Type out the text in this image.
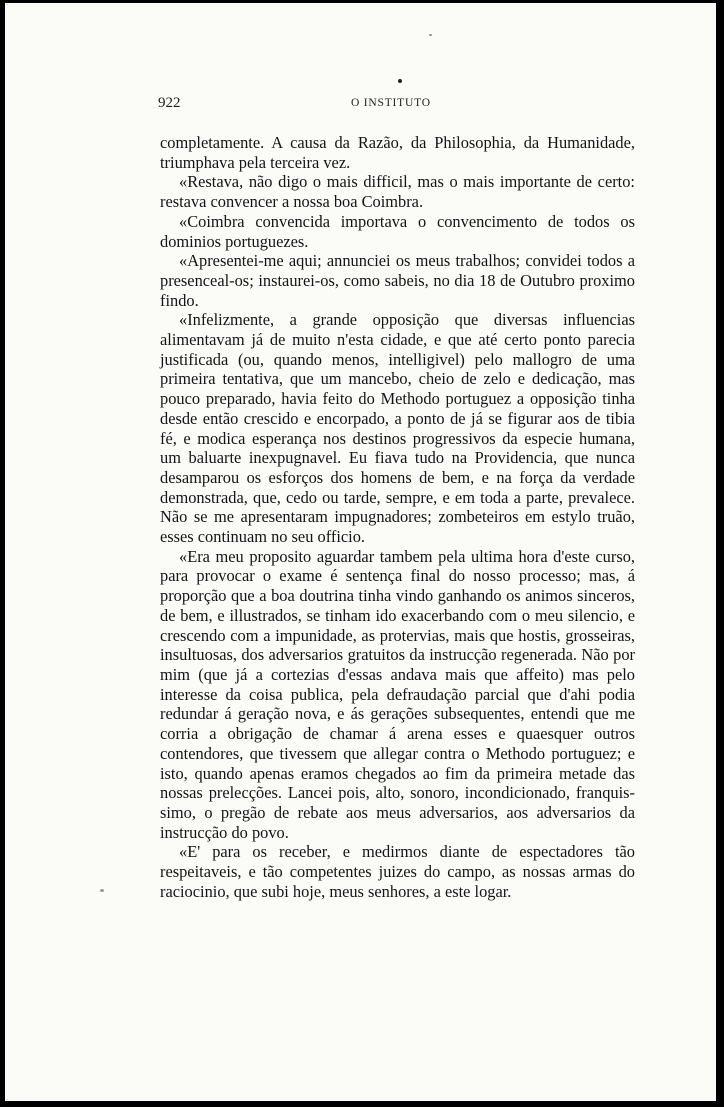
922	O INSTITUTO

completamente. A causa da Razão, da Philosophia, da Humanidade, triumphava pela terceira vez.

«Restava, não digo o mais difficil, mas o mais importante de certo: restava convencer a nossa boa Coimbra.

«Coimbra convencida importava o convencimento de todos os dominios portuguezes.

«Apresentei-me aqui; annunciei os meus trabalhos; convidei todos a presenceal-os; instaurei-os, como sabeis, no dia 18 de Outubro proximo findo.

«Infelizmente, a grande opposição que diversas influencias alimentavam já de muito n'esta cidade, e que até certo ponto parecia justificada (ou, quando menos, intelligivel) pelo mallogro de uma primeira tentativa, que um mancebo, cheio de zelo e dedicação, mas pouco preparado, havia feito do Methodo portuguez a opposição tinha desde então crescido e encorpado, a ponto de já se figurar aos de tibia fé, e modica esperança nos destinos progressivos da especie humana, um baluarte inexpugnavel. Eu fiava tudo na Providencia, que nunca desamparou os esforços dos homens de bem, e na força da verdade demonstrada, que, cedo ou tarde, sempre, e em toda a parte, prevalece. Não se me apresentaram impugnadores; zombeteiros em estylo truão, esses continuam no seu officio.

«Era meu proposito aguardar tambem pela ultima hora d'este curso, para provocar o exame é sentença final do nosso processo; mas, á proporção que a boa doutrina tinha vindo ganhando os animos sinceros, de bem, e illustrados, se tinham ido exacerbando com o meu silencio, e crescendo com a impunidade, as protervias, mais que hostis, grosseiras, insultuosas, dos adversarios gratuitos da instrucção regenerada. Não por mim (que já a cortezias d'essas andava mais que affeito) mas pelo interesse da coisa publica, pela defraudação parcial que d'ahi podia redundar á geração nova, e ás gerações subsequentes, entendi que me corria a obrigação de chamar á arena esses e quaesquer outros contendores, que tivessem que allegar contra o Methodo portuguez; e isto, quando apenas eramos chegados ao fim da primeira metade das nossas prelecções. Lancei pois, alto, sonoro, incondicionado, franquissimo, o pregão de rebate aos meus adversarios, aos adversarios da instrucção do povo.

«E' para os receber, e medirmos diante de espectadores tão respeitaveis, e tão competentes juizes do campo, as nossas armas do raciocinio, que subi hoje, meus senhores, a este logar.
